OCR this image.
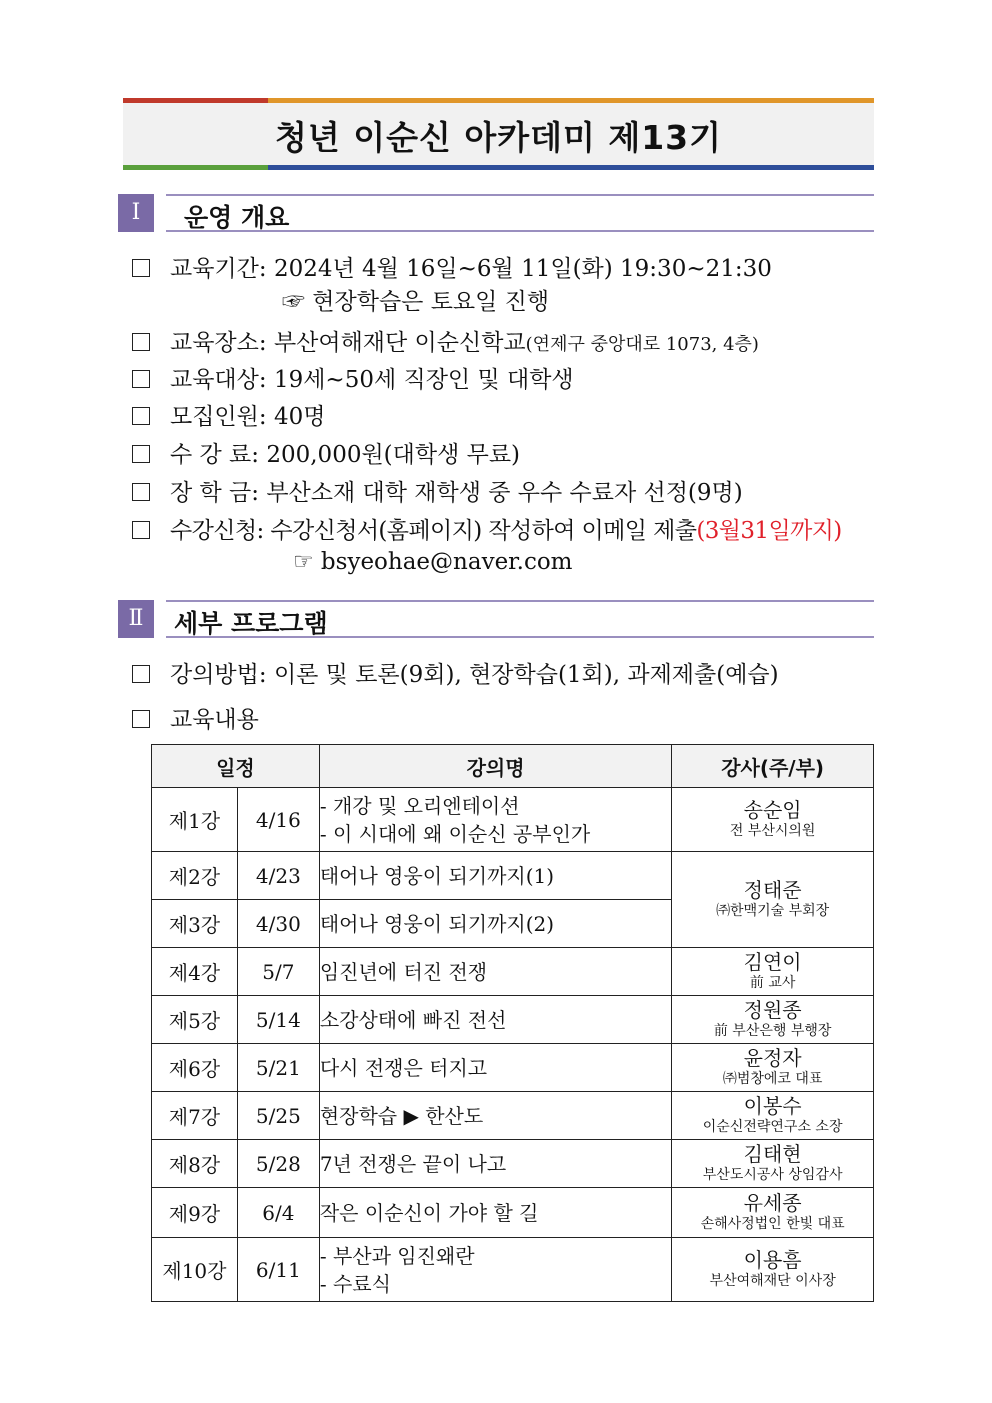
청년 이순신 아카데미 제13기
Ⅰ	운영 개요
교육기간: 2024년 4월 16일~6월 11일(화) 19:30~21:30
☞ 현장학습은 토요일 진행
교육장소: 부산여해재단 이순신학교(연제구 중앙대로 1073, 4층)
교육대상: 19세~50세 직장인 및 대학생
모집인원: 40명
수 강 료: 200,000원(대학생 무료)
장 학 금: 부산소재 대학 재학생 중 우수 수료자 선정(9명)
수강신청: 수강신청서(홈페이지) 작성하여 이메일 제출(3월31일까지)
☞ bsyeohae@naver.com
Ⅱ	세부 프로그램
강의방법: 이론 및 토론(9회), 현장학습(1회), 과제제출(예습)
교육내용
일정		강의명	강사(주/부)
제1강	4/16	- 개강 및 오리엔테이션
- 이 시대에 왜 이순신 공부인가	송순임
전 부산시의원

제2강	4/23	태어나 영웅이 되기까지(1)	정태준
㈜한맥기술 부회장

제3강	4/30	태어나 영웅이 되기까지(2)	

제4강	5/7	임진년에 터진 전쟁	김연이
前 교사

제5강	5/14	소강상태에 빠진 전선	정원종
前 부산은행 부행장

제6강	5/21	다시 전쟁은 터지고	윤정자
㈜범창에코 대표

제7강	5/25	현장학습 ▶ 한산도	이봉수
이순신전략연구소 소장

제8강	5/28	7년 전쟁은 끝이 나고	김태현
부산도시공사 상임감사

제9강	6/4	작은 이순신이 가야 할 길	유세종
손해사정법인 한빛 대표

제10강	6/11	- 부산과 임진왜란
- 수료식	이용흠
부산여해재단 이사장
